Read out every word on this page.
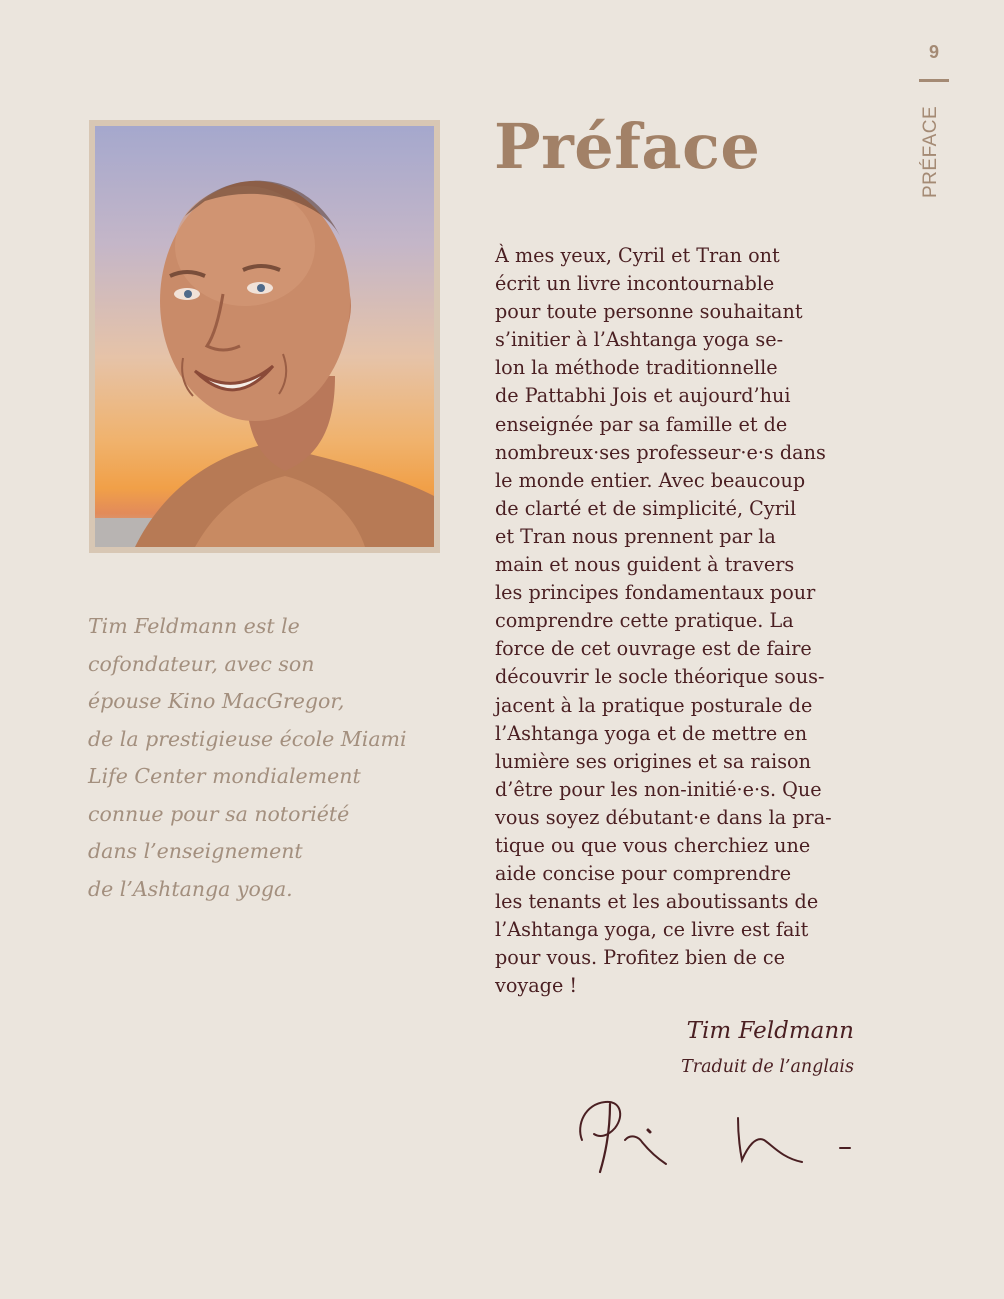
9
PRÉFACE
Tim Feldmann est le
cofondateur, avec son
épouse Kino MacGregor,
de la prestigieuse école Miami
Life Center mondialement
connue pour sa notoriété
dans l’enseignement
de l’Ashtanga yoga.
Préface

À mes yeux, Cyril et Tran ont
écrit un livre incontournable
pour toute personne souhaitant
s’initier à l’Ashtanga yoga se-
lon la méthode traditionnelle
de Pattabhi Jois et aujourd’hui
enseignée par sa famille et de
nombreux·ses professeur·e·s dans
le monde entier. Avec beaucoup
de clarté et de simplicité, Cyril
et Tran nous prennent par la
main et nous guident à travers
les principes fondamentaux pour
comprendre cette pratique. La
force de cet ouvrage est de faire
découvrir le socle théorique sous-
jacent à la pratique posturale de
l’Ashtanga yoga et de mettre en
lumière ses origines et sa raison
d’être pour les non-initié·e·s. Que
vous soyez débutant·e dans la pra-
tique ou que vous cherchiez une
aide concise pour comprendre
les tenants et les aboutissants de
l’Ashtanga yoga, ce livre est fait
pour vous. Profitez bien de ce
voyage !

Tim Feldmann
Traduit de l’anglais
